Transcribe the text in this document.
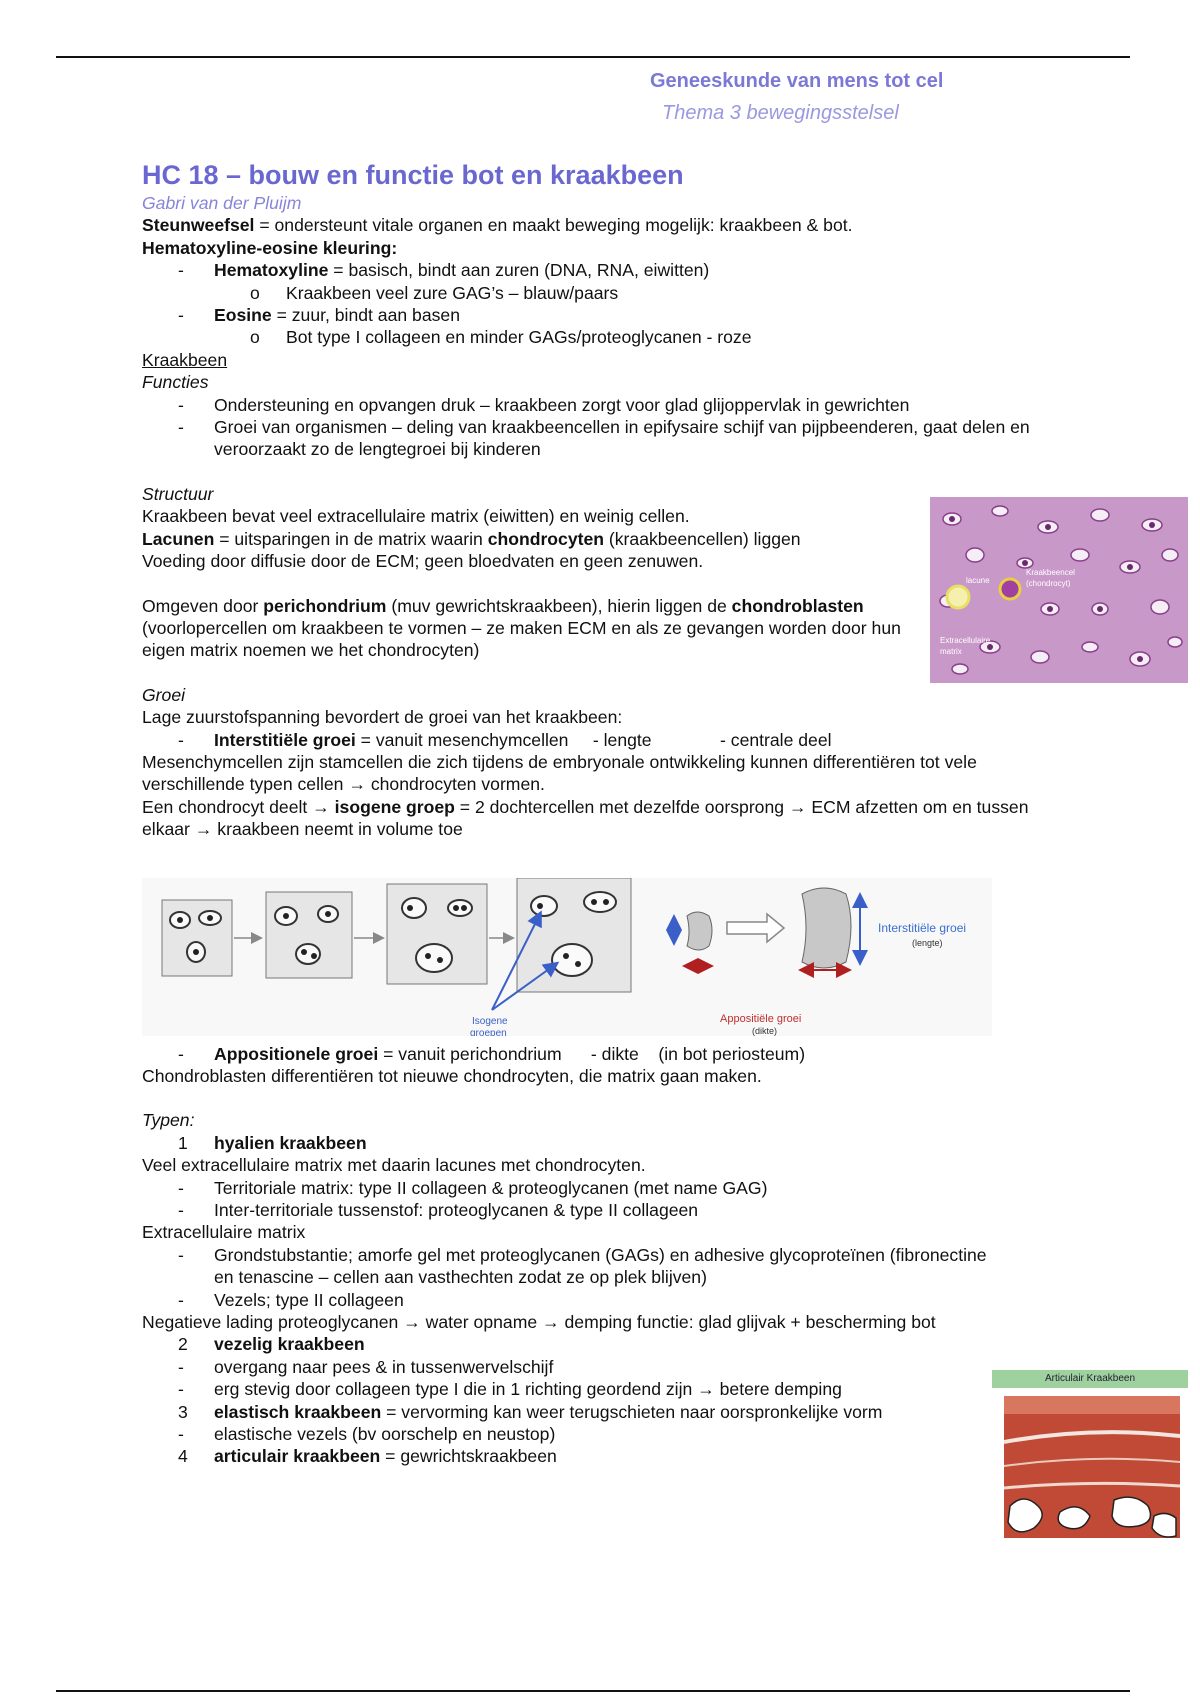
Geneeskunde van mens tot cel
Thema 3 bewegingsstelsel
HC 18 – bouw en functie bot en kraakbeen
Gabri van der Pluijm
Steunweefsel = ondersteunt vitale organen en maakt beweging mogelijk: kraakbeen & bot.
Hematoxyline-eosine kleuring:
- Hematoxyline = basisch, bindt aan zuren (DNA, RNA, eiwitten)
o Kraakbeen veel zure GAG’s – blauw/paars
- Eosine = zuur, bindt aan basen
o Bot type I collageen en minder GAGs/proteoglycanen - roze
Kraakbeen
Functies
- Ondersteuning en opvangen druk – kraakbeen zorgt voor glad glijoppervlak in gewrichten
- Groei van organismen – deling van kraakbeencellen in epifysaire schijf van pijpbeenderen, gaat delen en veroorzaakt zo de lengtegroei bij kinderen
Structuur
Kraakbeen bevat veel extracellulaire matrix (eiwitten) en weinig cellen.
Lacunen = uitsparingen in de matrix waarin chondrocyten (kraakbeencellen) liggen
Voeding door diffusie door de ECM; geen bloedvaten en geen zenuwen.
Omgeven door perichondrium (muv gewrichtskraakbeen), hierin liggen de chondroblasten (voorlopercellen om kraakbeen te vormen – ze maken ECM en als ze gevangen worden door hun eigen matrix noemen we het chondrocyten)
Groei
Lage zuurstofspanning bevordert de groei van het kraakbeen:
- Interstitiële groei = vanuit mesenchymcellen     - lengte              - centrale deel
Mesenchymcellen zijn stamcellen die zich tijdens de embryonale ontwikkeling kunnen differentiëren tot vele verschillende typen cellen → chondrocyten vormen.
Een chondrocyt deelt → isogene groep = 2 dochtercellen met dezelfde oorsprong → ECM afzetten om en tussen elkaar → kraakbeen neemt in volume toe
- Appositionele groei = vanuit perichondrium      - dikte    (in bot periosteum)
Chondroblasten differentiëren tot nieuwe chondrocyten, die matrix gaan maken.
Typen:
1 hyalien kraakbeen
Veel extracellulaire matrix met daarin lacunes met chondrocyten.
- Territoriale matrix: type II collageen & proteoglycanen (met name GAG)
- Inter-territoriale tussenstof: proteoglycanen & type II collageen
Extracellulaire matrix
- Grondstubstantie; amorfe gel met proteoglycanen (GAGs) en adhesive glycoproteïnen (fibronectine en tenascine – cellen aan vasthechten zodat ze op plek blijven)
- Vezels; type II collageen
Negatieve lading proteoglycanen → water opname → demping functie: glad glijvak + bescherming bot
2 vezelig kraakbeen
- overgang naar pees & in tussenwervelschijf
- erg stevig door collageen type I die in 1 richting geordend zijn → betere demping
3 elastisch kraakbeen = vervorming kan weer terugschieten naar oorspronkelijke vorm
- elastische vezels (bv oorschelp en neustop)
4 articulair kraakbeen = gewrichtskraakbeen
lacune
Kraakbeencel
(chondrocyt)
Extracellulaire
matrix
Isogene
groepen
Appositiële groei
(dikte)
Interstitiële groei
(lengte)
Articulair Kraakbeen
